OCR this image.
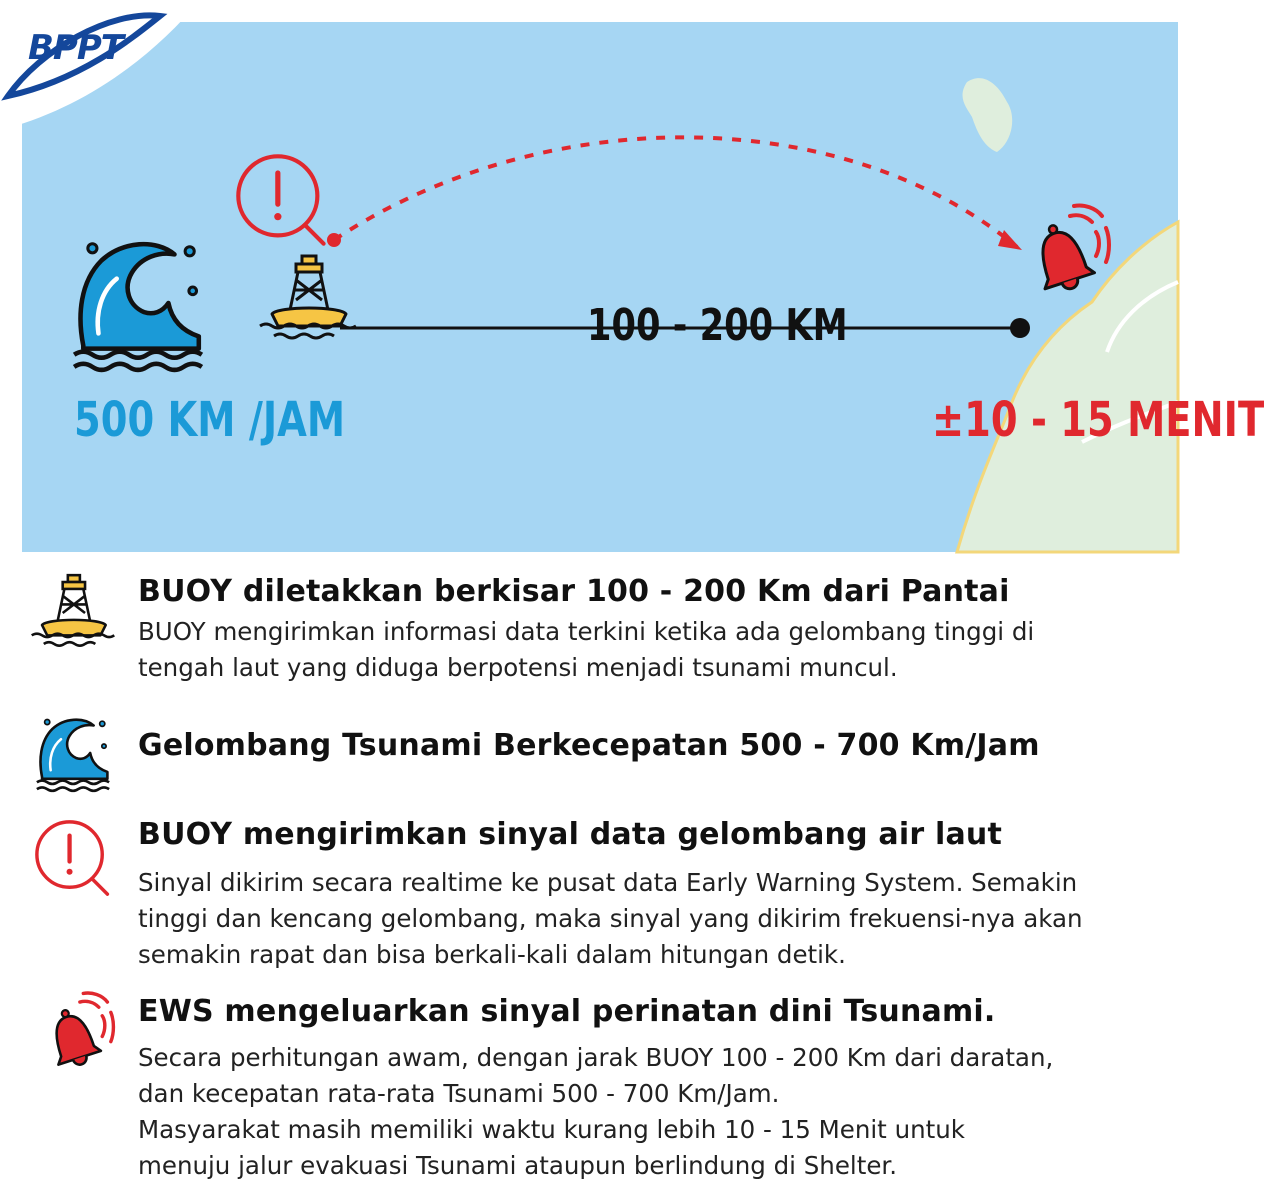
100 - 200 KM
500 KM /JAM	±10 - 15 MENIT
BPPT
BUOY diletakkan berkisar 100 - 200 Km dari Pantai
BUOY mengirimkan informasi data terkini ketika ada gelombang tinggi di
tengah laut yang diduga berpotensi menjadi tsunami muncul.
Gelombang Tsunami Berkecepatan 500 - 700 Km/Jam
BUOY mengirimkan sinyal data gelombang air laut
Sinyal dikirim secara realtime ke pusat data Early Warning System. Semakin
tinggi dan kencang gelombang, maka sinyal yang dikirim frekuensi-nya akan
semakin rapat dan bisa berkali-kali dalam hitungan detik.
EWS mengeluarkan sinyal perinatan dini Tsunami.
Secara perhitungan awam, dengan jarak BUOY 100 - 200 Km dari daratan,
dan kecepatan rata-rata Tsunami 500 - 700 Km/Jam.
Masyarakat masih memiliki waktu kurang lebih 10 - 15 Menit untuk
menuju jalur evakuasi Tsunami ataupun berlindung di Shelter.
